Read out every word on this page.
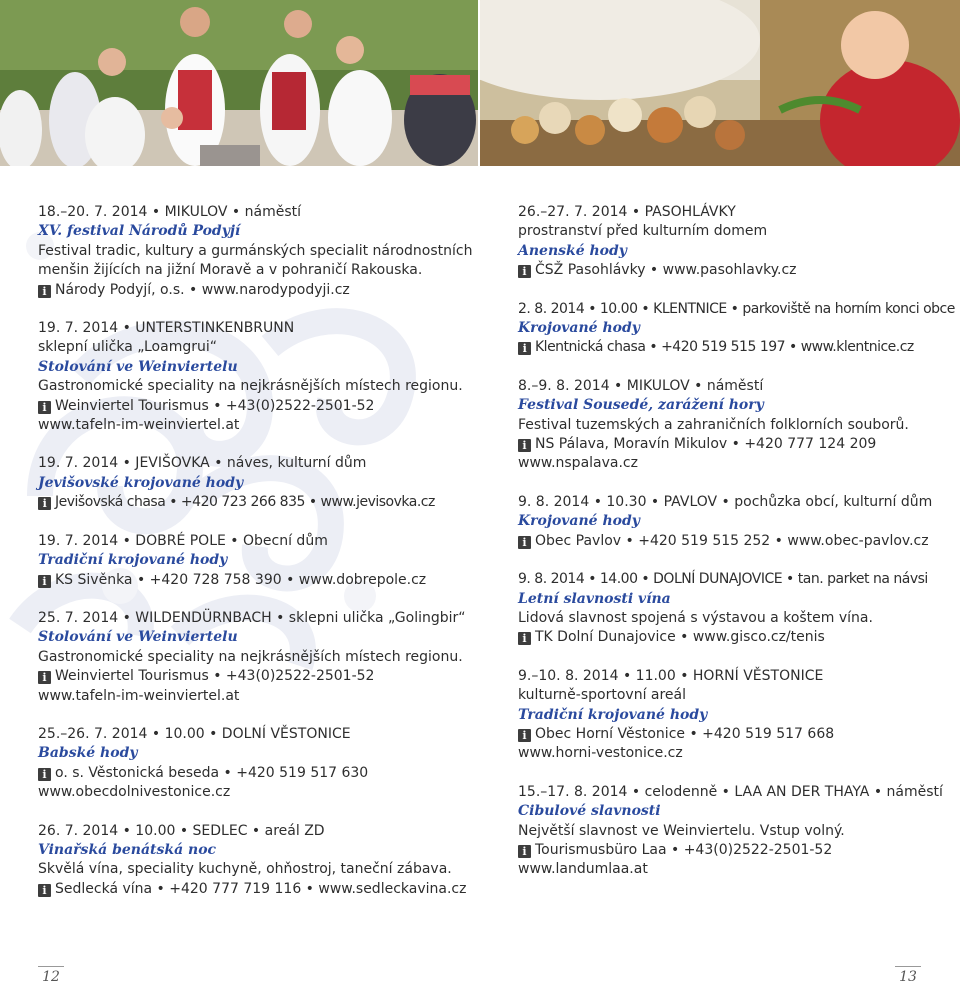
18.–20. 7. 2014 • MIKULOV • náměstí
XV. festival Národů Podyjí
Festival tradic, kultury a gurmánských specialit národnostních
menšin žijících na jižní Moravě a v pohraničí Rakouska.
i Národy Podyjí, o.s. • www.narodypodyji.cz
19. 7. 2014 • UNTERSTINKENBRUNN
sklepní ulička „Loamgrui“
Stolování ve Weinviertelu
Gastronomické speciality na nejkrásnějších místech regionu.
i Weinviertel Tourismus • +43(0)2522-2501-52
www.tafeln-im-weinviertel.at
19. 7. 2014 • JEVIŠOVKA • náves, kulturní dům
Jevišovské krojované hody
i Jevišovská chasa • +420 723 266 835 • www.jevisovka.cz
19. 7. 2014 • DOBRÉ POLE • Obecní dům
Tradiční krojované hody
i KS Sivěnka • +420 728 758 390 • www.dobrepole.cz
25. 7. 2014 • WILDENDÜRNBACH • sklepni ulička „Golingbir“
Stolování ve Weinviertelu
Gastronomické speciality na nejkrásnějších místech regionu.
i Weinviertel Tourismus • +43(0)2522-2501-52
www.tafeln-im-weinviertel.at
25.–26. 7. 2014 • 10.00 • DOLNÍ VĚSTONICE
Babské hody
i o. s. Věstonická beseda • +420 519 517 630
www.obecdolnivestonice.cz
26. 7. 2014 • 10.00 • SEDLEC • areál ZD
Vinařská benátská noc
Skvělá vína, speciality kuchyně, ohňostroj, taneční zábava.
i Sedlecká vína • +420 777 719 116 • www.sedleckavina.cz
26.–27. 7. 2014 • PASOHLÁVKY
prostranství před kulturním domem
Anenské hody
i ČSŽ Pasohlávky • www.pasohlavky.cz
2. 8. 2014 • 10.00 • KLENTNICE • parkoviště na horním konci obce
Krojované hody
i Klentnická chasa • +420 519 515 197 • www.klentnice.cz
8.–9. 8. 2014 • MIKULOV • náměstí
Festival Sousedé, zarážení hory
Festival tuzemských a zahraničních folklorních souborů.
i NS Pálava, Moravín Mikulov • +420 777 124 209
www.nspalava.cz
9. 8. 2014 • 10.30 • PAVLOV • pochůzka obcí, kulturní dům
Krojované hody
i Obec Pavlov • +420 519 515 252 • www.obec-pavlov.cz
9. 8. 2014 • 14.00 • DOLNÍ DUNAJOVICE • tan. parket na návsi
Letní slavnosti vína
Lidová slavnost spojená s výstavou a koštem vína.
i TK Dolní Dunajovice • www.gisco.cz/tenis
9.–10. 8. 2014 • 11.00 • HORNÍ VĚSTONICE
kulturně-sportovní areál
Tradiční krojované hody
i Obec Horní Věstonice • +420 519 517 668
www.horni-vestonice.cz
15.–17. 8. 2014 • celodenně • LAA AN DER THAYA • náměstí
Cibulové slavnosti
Největší slavnost ve Weinviertelu. Vstup volný.
i Tourismusbüro Laa • +43(0)2522-2501-52
www.landumlaa.at
12	13
